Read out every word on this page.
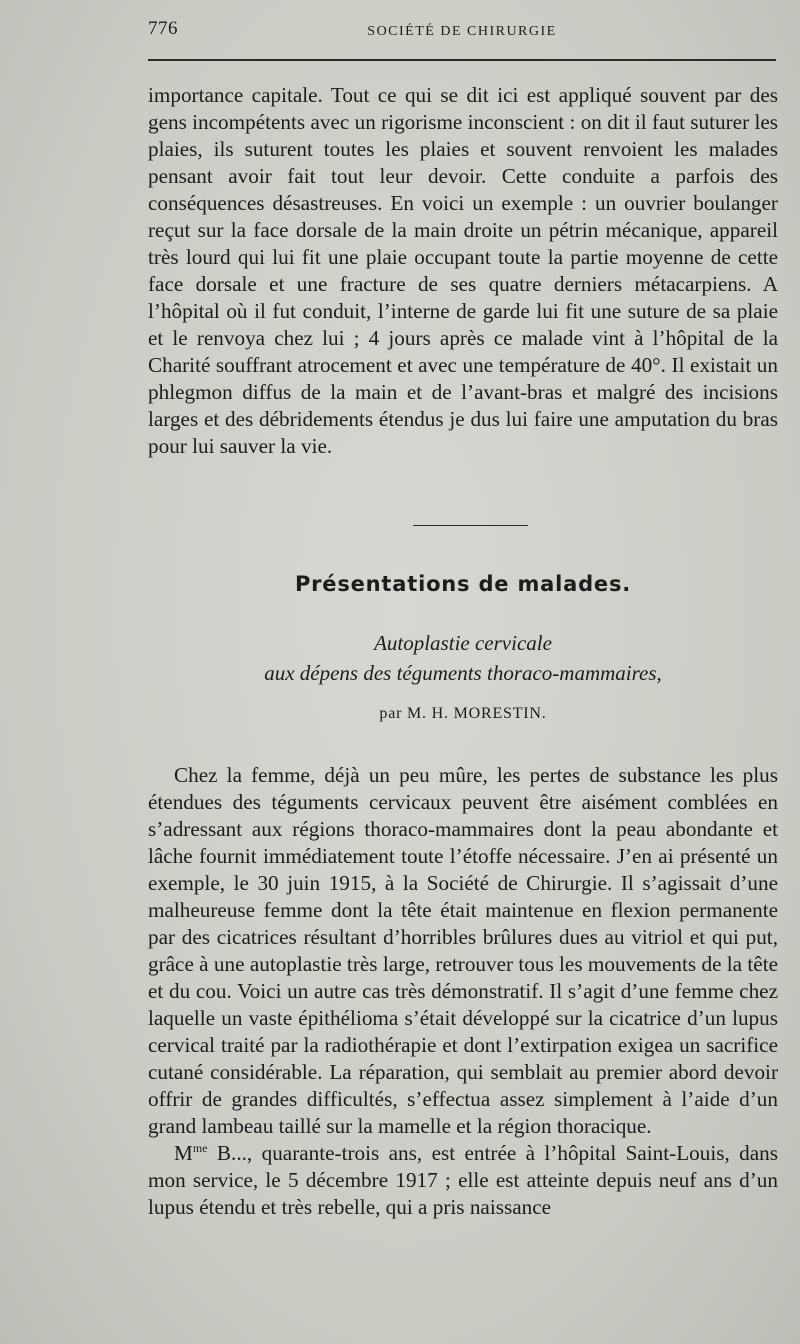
776	SOCIÉTÉ DE CHIRURGIE

importance capitale. Tout ce qui se dit ici est appliqué souvent par des gens incompétents avec un rigorisme inconscient : on dit il faut suturer les plaies, ils suturent toutes les plaies et souvent renvoient les malades pensant avoir fait tout leur devoir. Cette conduite a parfois des conséquences désastreuses. En voici un exemple : un ouvrier boulanger reçut sur la face dorsale de la main droite un pétrin mécanique, appareil très lourd qui lui fit une plaie occupant toute la partie moyenne de cette face dorsale et une fracture de ses quatre derniers métacarpiens. A l’hôpital où il fut conduit, l’interne de garde lui fit une suture de sa plaie et le renvoya chez lui ; 4 jours après ce malade vint à l’hôpital de la Charité souffrant atrocement et avec une température de 40°. Il existait un phlegmon diffus de la main et de l’avant-bras et malgré des incisions larges et des débridements étendus je dus lui faire une amputation du bras pour lui sauver la vie.

Présentations de malades.
Autoplastie cervicale
aux dépens des téguments thoraco-mammaires,
par M. H. MORESTIN.

Chez la femme, déjà un peu mûre, les pertes de substance les plus étendues des téguments cervicaux peuvent être aisément comblées en s’adressant aux régions thoraco-mammaires dont la peau abondante et lâche fournit immédiatement toute l’étoffe nécessaire. J’en ai présenté un exemple, le 30 juin 1915, à la Société de Chirurgie. Il s’agissait d’une malheureuse femme dont la tête était maintenue en flexion permanente par des cicatrices résultant d’horribles brûlures dues au vitriol et qui put, grâce à une autoplastie très large, retrouver tous les mouvements de la tête et du cou. Voici un autre cas très démonstratif. Il s’agit d’une femme chez laquelle un vaste épithélioma s’était développé sur la cicatrice d’un lupus cervical traité par la radiothérapie et dont l’extirpation exigea un sacrifice cutané considérable. La réparation, qui semblait au premier abord devoir offrir de grandes difficultés, s’effectua assez simplement à l’aide d’un grand lambeau taillé sur la mamelle et la région thoracique.

$M^{me}$ B..., quarante-trois ans, est entrée à l’hôpital Saint-Louis, dans mon service, le 5 décembre 1917 ; elle est atteinte depuis neuf ans d’un lupus étendu et très rebelle, qui a pris naissance
